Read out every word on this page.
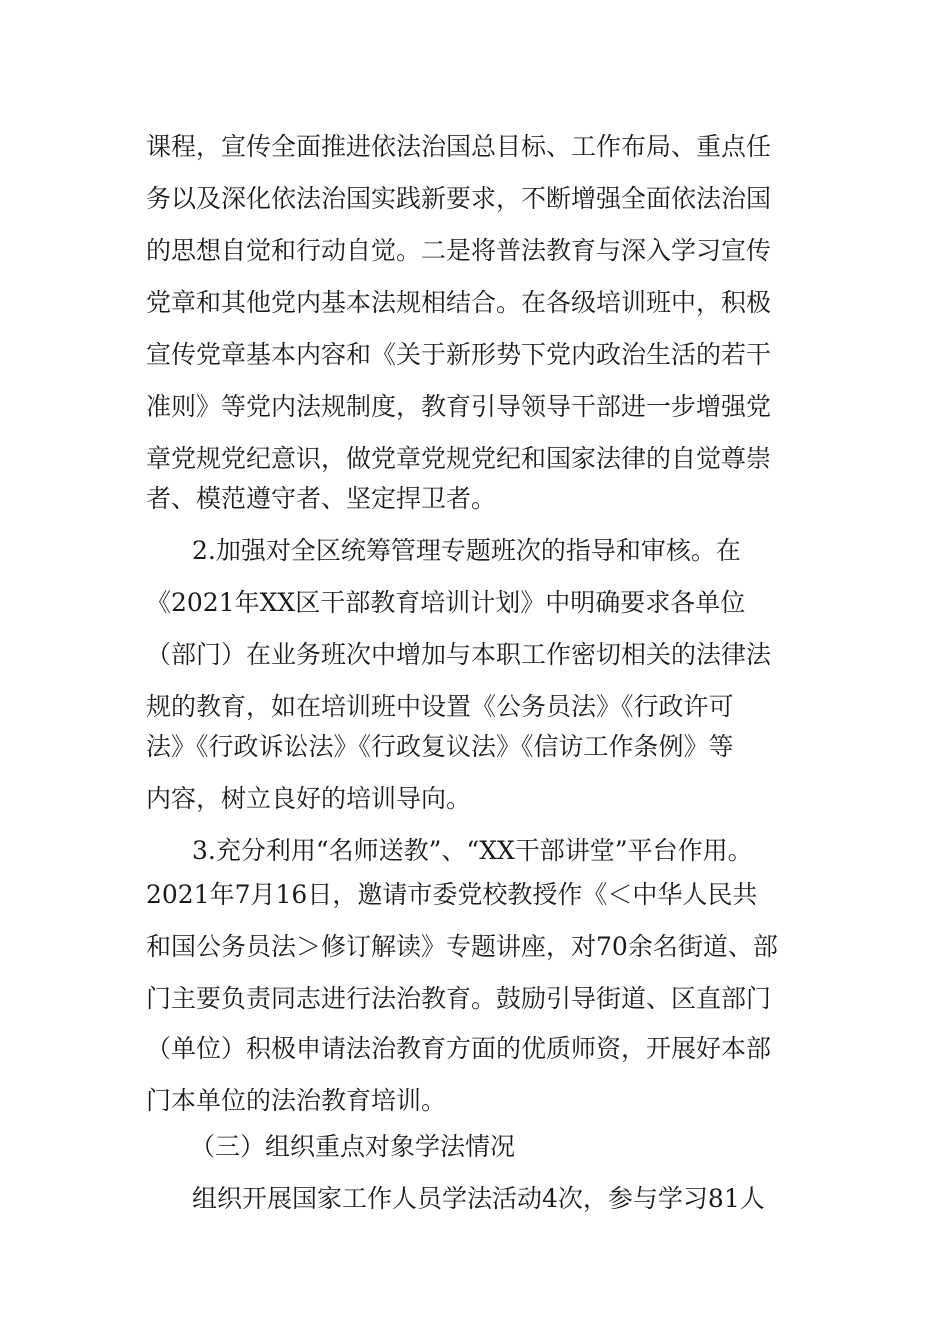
课程，宣传全面推进依法治国总目标、工作布局、重点任
务以及深化依法治国实践新要求，不断增强全面依法治国
的思想自觉和行动自觉。二是将普法教育与深入学习宣传
党章和其他党内基本法规相结合。在各级培训班中，积极
宣传党章基本内容和《关于新形势下党内政治生活的若干
准则》等党内法规制度，教育引导领导干部进一步增强党
章党规党纪意识，做党章党规党纪和国家法律的自觉尊崇
者、模范遵守者、坚定捍卫者。
2.加强对全区统筹管理专题班次的指导和审核。在
《2021年XX区干部教育培训计划》中明确要求各单位
（部门）在业务班次中增加与本职工作密切相关的法律法
规的教育，如在培训班中设置《公务员法》《行政许可
法》《行政诉讼法》《行政复议法》《信访工作条例》等
内容，树立良好的培训导向。
3.充分利用“名师送教”、“XX干部讲堂”平台作用。
2021年7月16日，邀请市委党校教授作《＜中华人民共
和国公务员法＞修订解读》专题讲座，对70余名街道、部
门主要负责同志进行法治教育。鼓励引导街道、区直部门
（单位）积极申请法治教育方面的优质师资，开展好本部
门本单位的法治教育培训。
（三）组织重点对象学法情况
组织开展国家工作人员学法活动4次，参与学习81人
